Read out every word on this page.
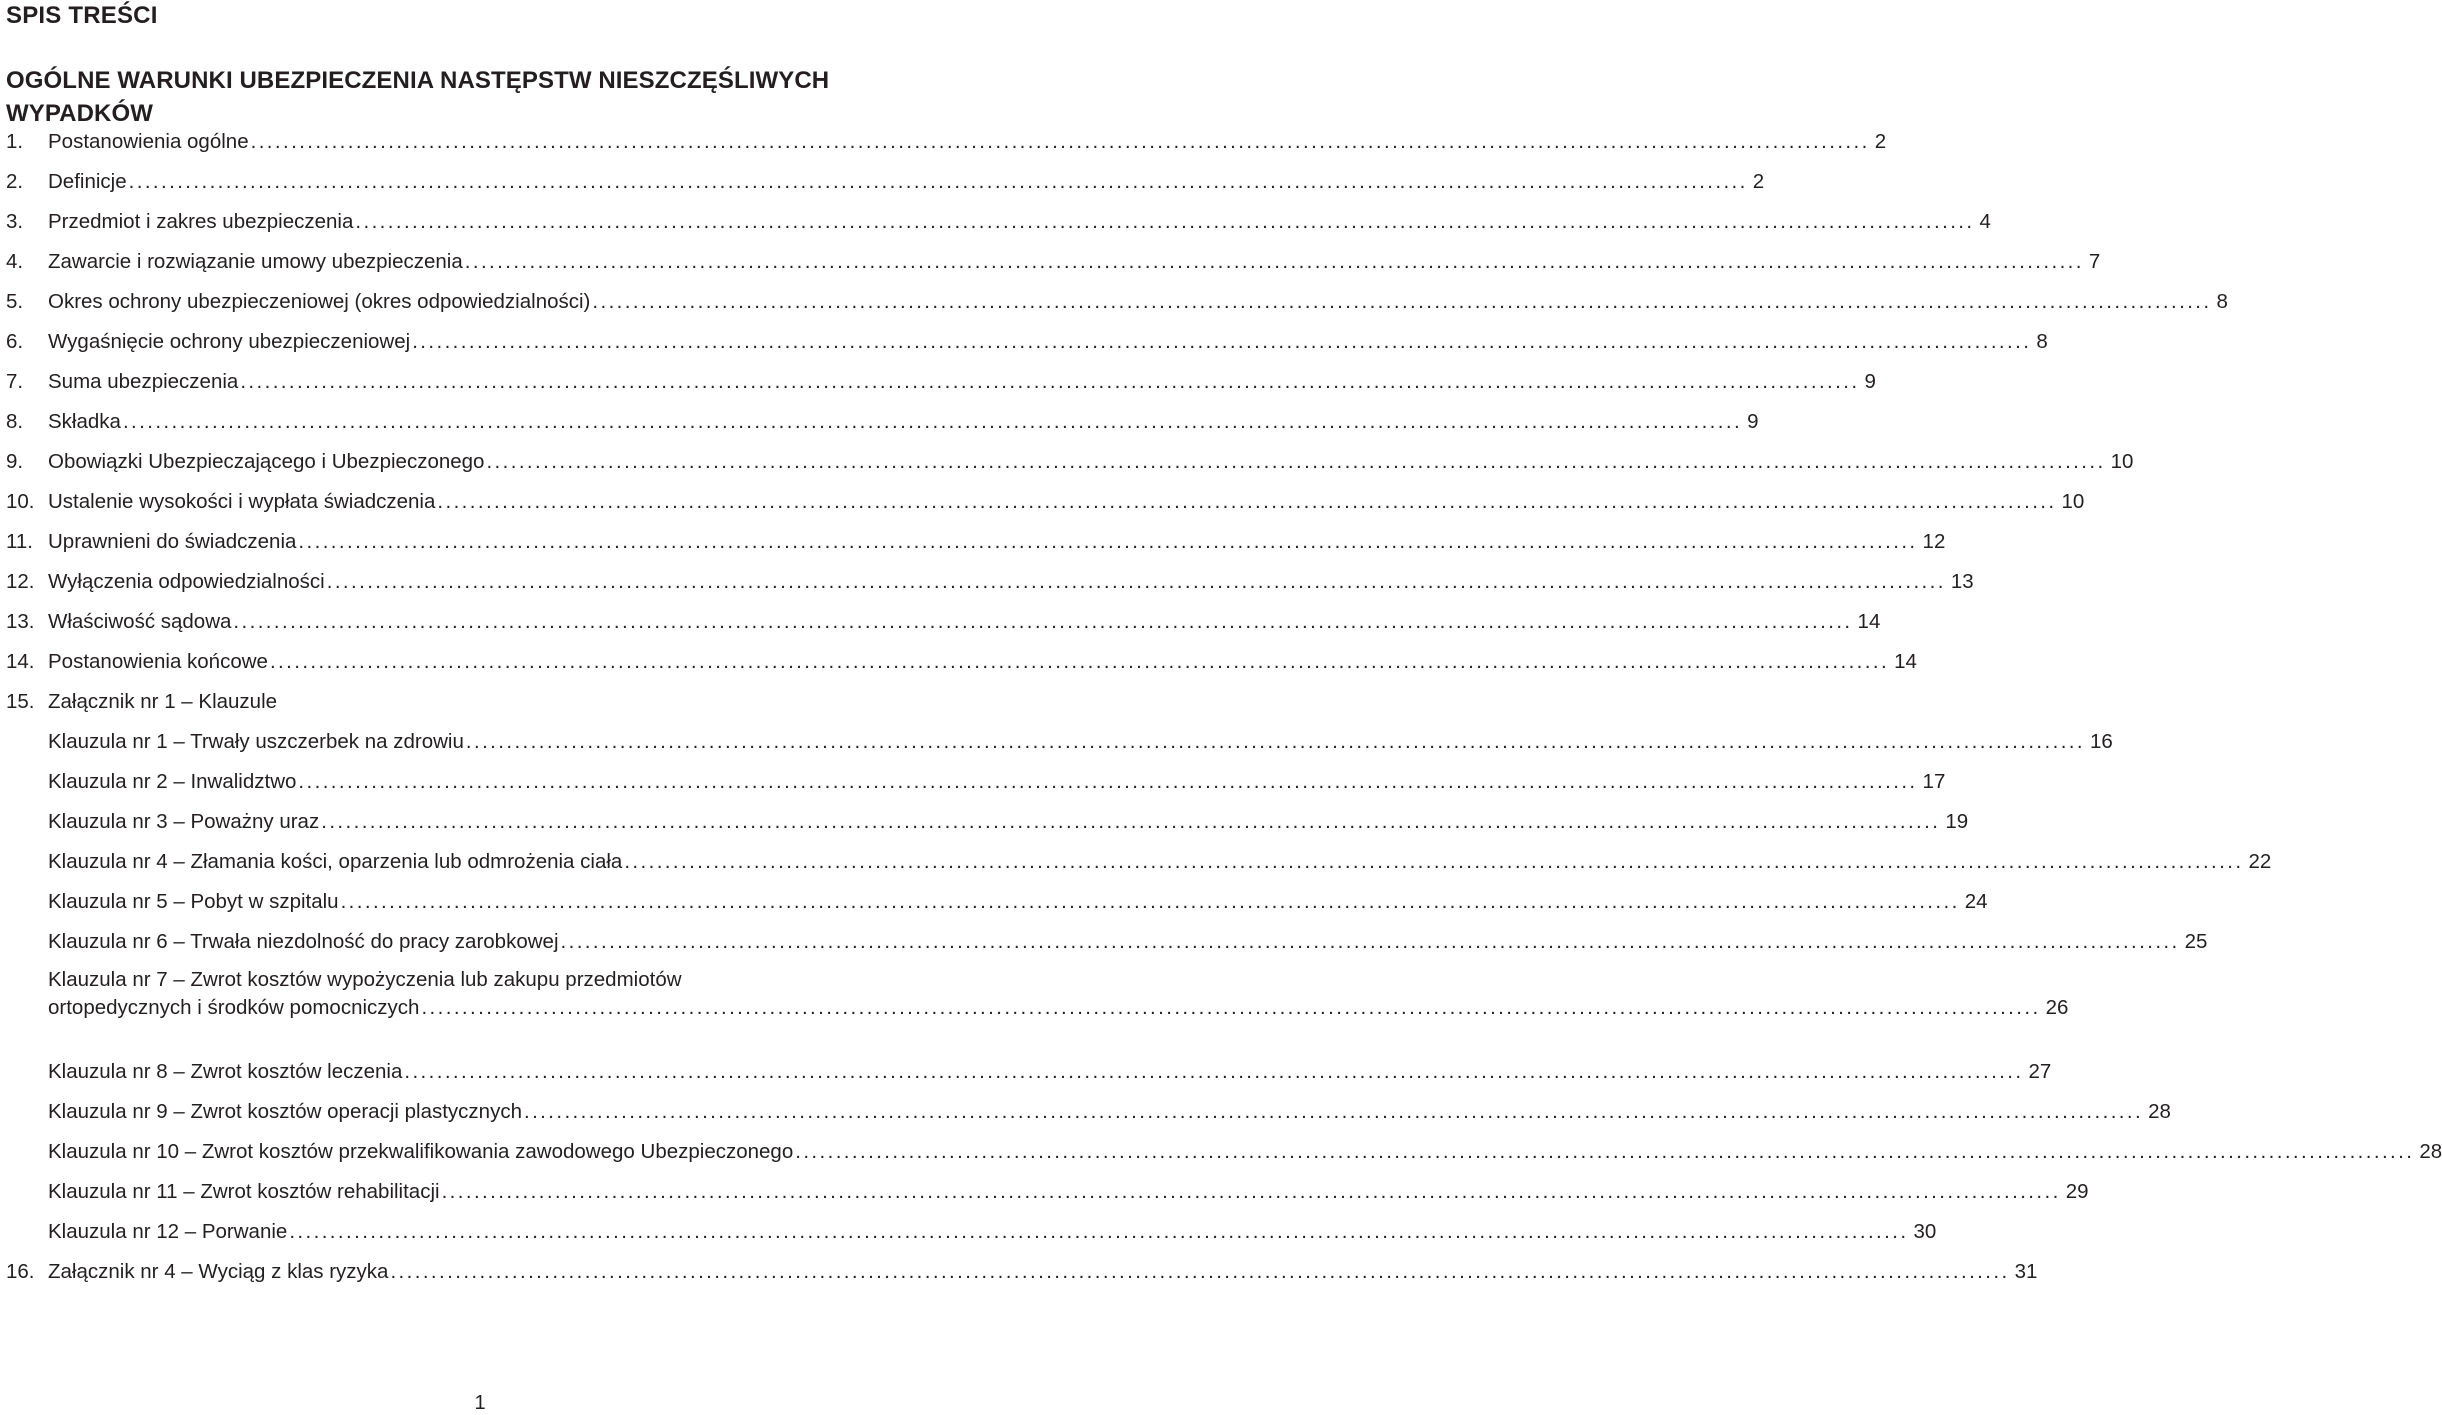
SPIS TREŚCI
OGÓLNE WARUNKI UBEZPIECZENIA NASTĘPSTW NIESZCZĘŚLIWYCH WYPADKÓW
1. Postanowienia ogólne ........................................................................................................................................................................................................ 2
2. Definicje ........................................................................................................................................................................................................ 2
3. Przedmiot i zakres ubezpieczenia ........................................................................................................................................................................................................ 4
4. Zawarcie i rozwiązanie umowy ubezpieczenia ........................................................................................................................................................................................................ 7
5. Okres ochrony ubezpieczeniowej (okres odpowiedzialności) ........................................................................................................................................................................................................ 8
6. Wygaśnięcie ochrony ubezpieczeniowej ........................................................................................................................................................................................................ 8
7. Suma ubezpieczenia ........................................................................................................................................................................................................ 9
8. Składka ........................................................................................................................................................................................................ 9
9. Obowiązki Ubezpieczającego i Ubezpieczonego ........................................................................................................................................................................................................ 10
10. Ustalenie wysokości i wypłata świadczenia ........................................................................................................................................................................................................ 10
11. Uprawnieni do świadczenia ........................................................................................................................................................................................................ 12
12. Wyłączenia odpowiedzialności ........................................................................................................................................................................................................ 13
13. Właściwość sądowa ........................................................................................................................................................................................................ 14
14. Postanowienia końcowe ........................................................................................................................................................................................................ 14
15. Załącznik nr 1 – Klauzule
Klauzula nr 1 – Trwały uszczerbek na zdrowiu ........................................................................................................................................................................................................ 16
Klauzula nr 2 – Inwalidztwo ........................................................................................................................................................................................................ 17
Klauzula nr 3 – Poważny uraz ........................................................................................................................................................................................................ 19
Klauzula nr 4 – Złamania kości, oparzenia lub odmrożenia ciała ........................................................................................................................................................................................................ 22
Klauzula nr 5 – Pobyt w szpitalu ........................................................................................................................................................................................................ 24
Klauzula nr 6 – Trwała niezdolność do pracy zarobkowej ........................................................................................................................................................................................................ 25
Klauzula nr 7 – Zwrot kosztów wypożyczenia lub zakupu przedmiotów
ortopedycznych i środków pomocniczych ........................................................................................................................................................................................................ 26
Klauzula nr 8 – Zwrot kosztów leczenia ........................................................................................................................................................................................................ 27
Klauzula nr 9 – Zwrot kosztów operacji plastycznych ........................................................................................................................................................................................................ 28
Klauzula nr 10 – Zwrot kosztów przekwalifikowania zawodowego Ubezpieczonego ........................................................................................................................................................................................................ 28
Klauzula nr 11 – Zwrot kosztów rehabilitacji ........................................................................................................................................................................................................ 29
Klauzula nr 12 – Porwanie ........................................................................................................................................................................................................ 30
16. Załącznik nr 4 – Wyciąg z klas ryzyka ........................................................................................................................................................................................................ 31
1
